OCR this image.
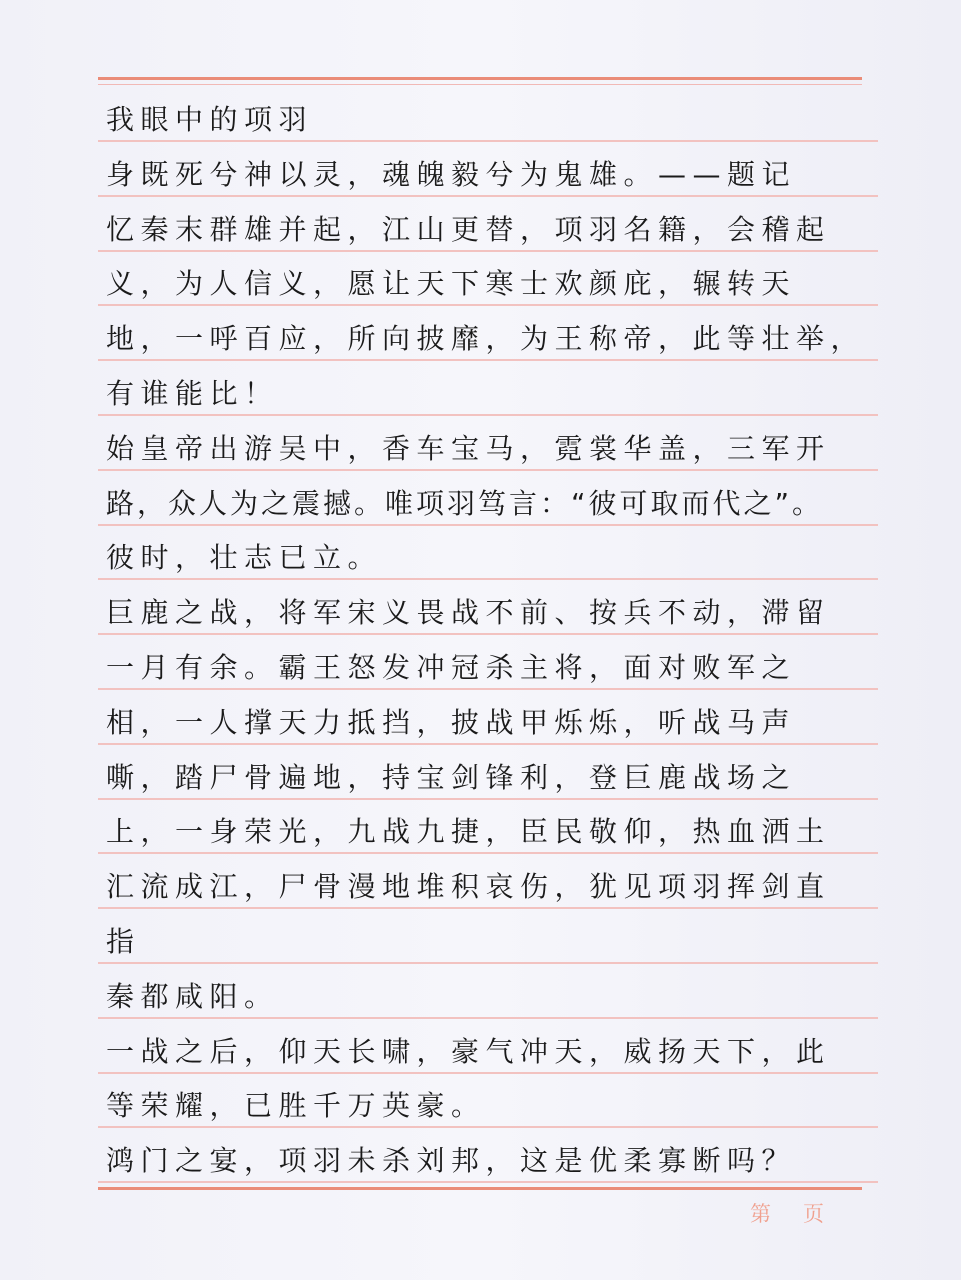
我眼中的项羽
身既死兮神以灵，魂魄毅兮为鬼雄。——题记
忆秦末群雄并起，江山更替，项羽名籍，会稽起
义，为人信义，愿让天下寒士欢颜庇，辗转天
地，一呼百应，所向披靡，为王称帝，此等壮举，
有谁能比！
始皇帝出游吴中，香车宝马，霓裳华盖，三军开
路，众人为之震撼。唯项羽笃言：“彼可取而代之”。
彼时，壮志已立。
巨鹿之战，将军宋义畏战不前、按兵不动，滞留
一月有余。霸王怒发冲冠杀主将，面对败军之
相，一人撑天力抵挡，披战甲烁烁，听战马声
嘶，踏尸骨遍地，持宝剑锋利，登巨鹿战场之
上，一身荣光，九战九捷，臣民敬仰，热血洒土
汇流成江，尸骨漫地堆积哀伤，犹见项羽挥剑直
指
秦都咸阳。
一战之后，仰天长啸，豪气冲天，威扬天下，此
等荣耀，已胜千万英豪。
鸿门之宴，项羽未杀刘邦，这是优柔寡断吗？
第 页
